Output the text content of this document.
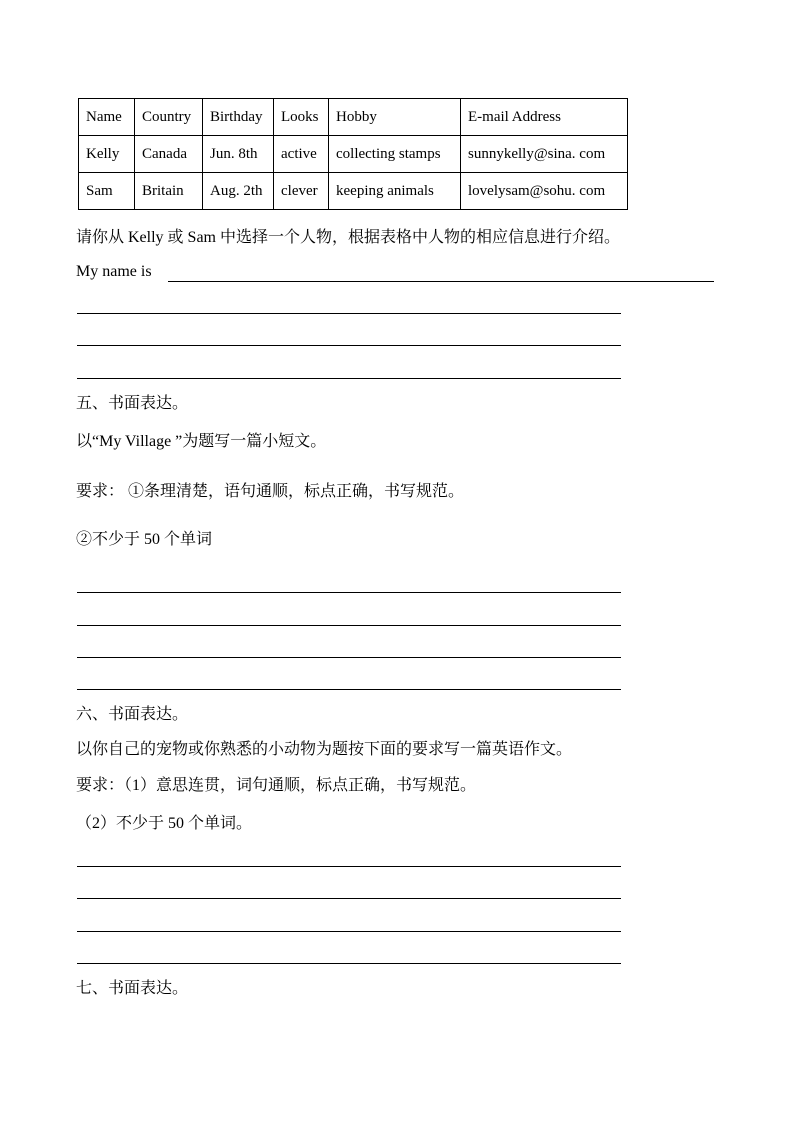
Name	Country	Birthday	Looks	Hobby	E-mail Address
Kelly	Canada	Jun. 8th	active	collecting stamps	sunnykelly@sina. com
Sam	Britain	Aug. 2th	clever	keeping animals	lovelysam@sohu. com
请你从 Kelly 或 Sam 中选择一个人物，根据表格中人物的相应信息进行介绍。
My name is
五、书面表达。
以“My Village ”为题写一篇小短文。
要求： ①条理清楚，语句通顺，标点正确，书写规范。
②不少于 50 个单词
六、书面表达。
以你自己的宠物或你熟悉的小动物为题按下面的要求写一篇英语作文。
要求：（1）意思连贯，词句通顺，标点正确，书写规范。
（2）不少于 50 个单词。
七、书面表达。
